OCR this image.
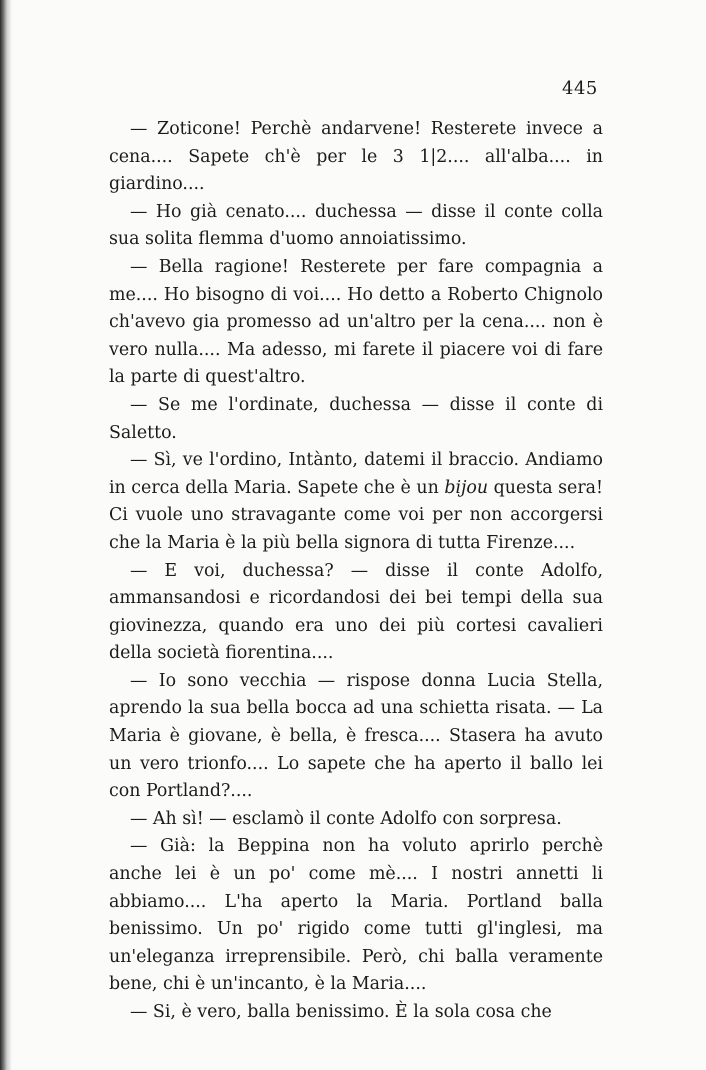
445

— Zoticone! Perchè andarvene! Resterete invece a cena.... Sapete ch'è per le 3 1|2.... all'alba.... in giardino....

— Ho già cenato.... duchessa — disse il conte colla sua solita flemma d'uomo annoiatissimo.

— Bella ragione! Resterete per fare compagnia a me.... Ho bisogno di voi.... Ho detto a Roberto Chignolo ch'avevo gia promesso ad un'altro per la cena.... non è vero nulla.... Ma adesso, mi farete il piacere voi di fare la parte di quest'altro.

— Se me l'ordinate, duchessa — disse il conte di Saletto.

— Sì, ve l'ordino, Intànto, datemi il braccio. Andiamo in cerca della Maria. Sapete che è un bijou questa sera! Ci vuole uno stravagante come voi per non accorgersi che la Maria è la più bella signora di tutta Firenze....

— E voi, duchessa? — disse il conte Adolfo, ammansandosi e ricordandosi dei bei tempi della sua giovinezza, quando era uno dei più cortesi cavalieri della società fiorentina....

— Io sono vecchia — rispose donna Lucia Stella, aprendo la sua bella bocca ad una schietta risata. — La Maria è giovane, è bella, è fresca.... Stasera ha avuto un vero trionfo.... Lo sapete che ha aperto il ballo lei con Portland?....

— Ah sì! — esclamò il conte Adolfo con sorpresa.

— Già: la Beppina non ha voluto aprirlo perchè anche lei è un po' come mè.... I nostri annetti li abbiamo.... L'ha aperto la Maria. Portland balla benissimo. Un po' rigido come tutti gl'inglesi, ma un'eleganza irreprensibile. Però, chi balla veramente bene, chi è un'incanto, è la Maria....

— Si, è vero, balla benissimo. È la sola cosa che
